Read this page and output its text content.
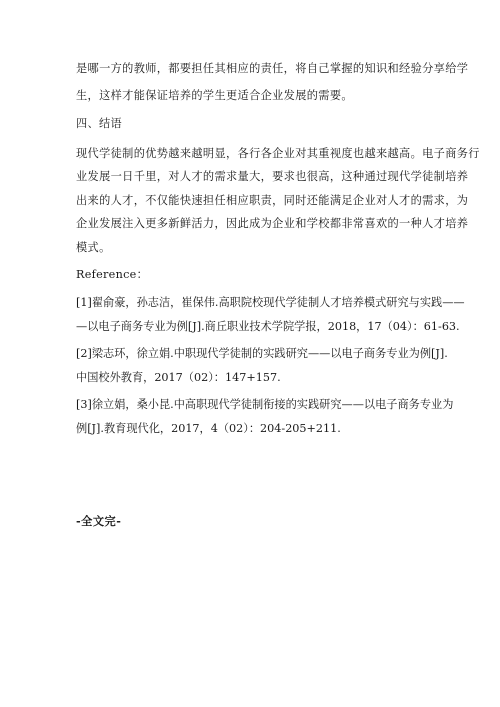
是哪一方的教师，都要担任其相应的责任，将自己掌握的知识和经验分享给学
生，这样才能保证培养的学生更适合企业发展的需要。
四、结语
现代学徒制的优势越来越明显，各行各企业对其重视度也越来越高。电子商务行
业发展一日千里，对人才的需求量大，要求也很高，这种通过现代学徒制培养
出来的人才，不仅能快速担任相应职责，同时还能满足企业对人才的需求，为
企业发展注入更多新鲜活力，因此成为企业和学校都非常喜欢的一种人才培养
模式。
Reference：
[1]翟俞豪，孙志洁，崔保伟.高职院校现代学徒制人才培养模式研究与实践——
—以电子商务专业为例[J].商丘职业技术学院学报，2018，17（04）：61-63.
[2]梁志环，徐立娟.中职现代学徒制的实践研究——以电子商务专业为例[J].
中国校外教育，2017（02）：147+157.
[3]徐立娟，桑小昆.中高职现代学徒制衔接的实践研究——以电子商务专业为
例[J].教育现代化，2017，4（02）：204-205+211.
-全文完-
